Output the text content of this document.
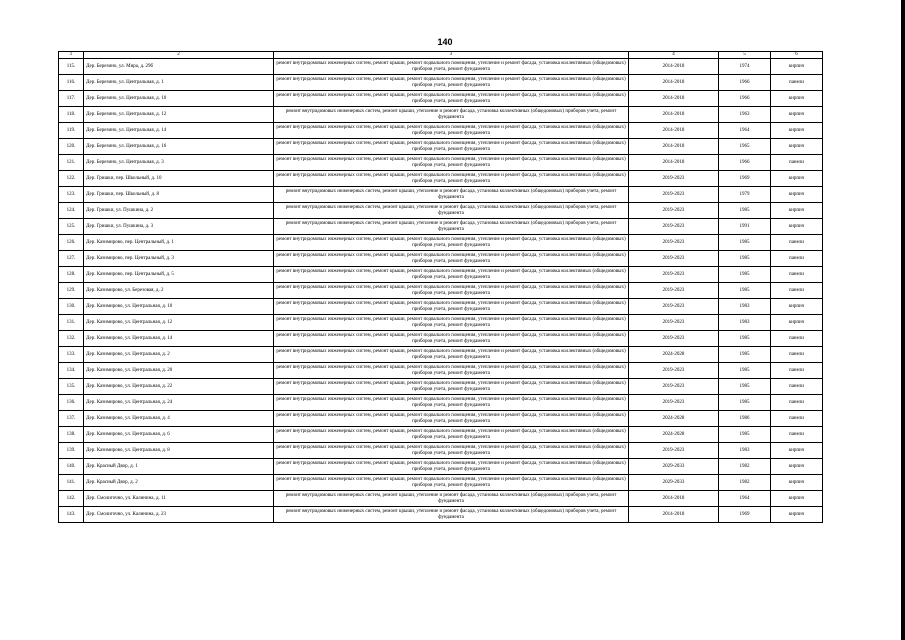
140
1	2	3	4	5	6
115.	Дер. Березино, ул. Мира, д. 29б	ремонт внутридомовых инженерных систем, ремонт крыши, ремонт подвального помещения, утепление и ремонт фасада, установка коллективных (общедомовых) приборов учета, ремонт фундамента	2014-2018	1974	кирпич
116.	Дер. Березино, ул. Центральная, д. 1	ремонт внутридомовых инженерных систем, ремонт крыши, ремонт подвального помещения, утепление и ремонт фасада, установка коллективных (общедомовых) приборов учета, ремонт фундамента	2014-2018	1966	панели
117.	Дер. Березино, ул. Центральная, д. 10	ремонт внутридомовых инженерных систем, ремонт крыши, ремонт подвального помещения, утепление и ремонт фасада, установка коллективных (общедомовых) приборов учета, ремонт фундамента	2014-2018	1966	кирпич
118.	Дер. Березино, ул. Центральная, д. 12	ремонт внутридомовых инженерных систем, ремонт крыши, утепление и ремонт фасада, установка коллективных (общедомовых) приборов учета, ремонт фундамента	2014-2018	1963	кирпич
119.	Дер. Березино, ул. Центральная, д. 14	ремонт внутридомовых инженерных систем, ремонт крыши, ремонт подвального помещения, утепление и ремонт фасада, установка коллективных (общедомовых) приборов учета, ремонт фундамента	2014-2018	1964	кирпич
120.	Дер. Березино, ул. Центральная, д. 16	ремонт внутридомовых инженерных систем, ремонт крыши, ремонт подвального помещения, утепление и ремонт фасада, установка коллективных (общедомовых) приборов учета, ремонт фундамента	2014-2018	1965	кирпич
121.	Дер. Березино, ул. Центральная, д. 3	ремонт внутридомовых инженерных систем, ремонт крыши, ремонт подвального помещения, утепление и ремонт фасада, установка коллективных (общедомовых) приборов учета, ремонт фундамента	2014-2018	1966	панели
122.	Дер. Гришки, пер. Школьный, д. 10	ремонт внутридомовых инженерных систем, ремонт крыши, ремонт подвального помещения, утепление и ремонт фасада, установка коллективных (общедомовых) приборов учета, ремонт фундамента	2019-2023	1969	кирпич
123.	Дер. Гришки, пер. Школьный, д. 8	ремонт внутридомовых инженерных систем, ремонт крыши, утепление и ремонт фасада, установка коллективных (общедомовых) приборов учета, ремонт фундамента	2019-2023	1979	кирпич
124.	Дер. Гришки, ул. Пушкина, д. 2	ремонт внутридомовых инженерных систем, ремонт крыши, утепление и ремонт фасада, установка коллективных (общедомовых) приборов учета, ремонт фундамента	2019-2023	1985	кирпич
125.	Дер. Гришки, ул. Пушкина, д. 3	ремонт внутридомовых инженерных систем, ремонт крыши, утепление и ремонт фасада, установка коллективных (общедомовых) приборов учета, ремонт фундамента	2019-2023	1991	кирпич
126.	Дер. Казимирово, пер. Центральный, д. 1	ремонт внутридомовых инженерных систем, ремонт крыши, ремонт подвального помещения, утепление и ремонт фасада, установка коллективных (общедомовых) приборов учета, ремонт фундамента	2019-2023	1985	панели
127.	Дер. Казимирово, пер. Центральный, д. 3	ремонт внутридомовых инженерных систем, ремонт крыши, ремонт подвального помещения, утепление и ремонт фасада, установка коллективных (общедомовых) приборов учета, ремонт фундамента	2019-2023	1985	панели
128.	Дер. Казимирово, пер. Центральный, д. 5	ремонт внутридомовых инженерных систем, ремонт крыши, ремонт подвального помещения, утепление и ремонт фасада, установка коллективных (общедомовых) приборов учета, ремонт фундамента	2019-2023	1985	панели
129.	Дер. Казимирово, ул. Березовая, д. 2	ремонт внутридомовых инженерных систем, ремонт крыши, ремонт подвального помещения, утепление и ремонт фасада, установка коллективных (общедомовых) приборов учета, ремонт фундамента	2019-2023	1985	панели
130.	Дер. Казимирово, ул. Центральная, д. 10	ремонт внутридомовых инженерных систем, ремонт крыши, ремонт подвального помещения, утепление и ремонт фасада, установка коллективных (общедомовых) приборов учета, ремонт фундамента	2019-2023	1983	кирпич
131.	Дер. Казимирово, ул. Центральная, д. 12	ремонт внутридомовых инженерных систем, ремонт крыши, ремонт подвального помещения, утепление и ремонт фасада, установка коллективных (общедомовых) приборов учета, ремонт фундамента	2019-2023	1983	кирпич
132.	Дер. Казимирово, ул. Центральная, д. 14	ремонт внутридомовых инженерных систем, ремонт крыши, ремонт подвального помещения, утепление и ремонт фасада, установка коллективных (общедомовых) приборов учета, ремонт фундамента	2019-2023	1985	панели
133.	Дер. Казимирово, ул. Центральная, д. 2	ремонт внутридомовых инженерных систем, ремонт крыши, ремонт подвального помещения, утепление и ремонт фасада, установка коллективных (общедомовых) приборов учета, ремонт фундамента	2024-2028	1985	панели
134.	Дер. Казимирово, ул. Центральная, д. 20	ремонт внутридомовых инженерных систем, ремонт крыши, ремонт подвального помещения, утепление и ремонт фасада, установка коллективных (общедомовых) приборов учета, ремонт фундамента	2019-2023	1985	панели
135.	Дер. Казимирово, ул. Центральная, д. 22	ремонт внутридомовых инженерных систем, ремонт крыши, ремонт подвального помещения, утепление и ремонт фасада, установка коллективных (общедомовых) приборов учета, ремонт фундамента	2019-2023	1985	панели
136.	Дер. Казимирово, ул. Центральная, д. 24	ремонт внутридомовых инженерных систем, ремонт крыши, ремонт подвального помещения, утепление и ремонт фасада, установка коллективных (общедомовых) приборов учета, ремонт фундамента	2019-2023	1985	панели
137.	Дер. Казимирово, ул. Центральная, д. 4	ремонт внутридомовых инженерных систем, ремонт крыши, ремонт подвального помещения, утепление и ремонт фасада, установка коллективных (общедомовых) приборов учета, ремонт фундамента	2024-2028	1986	панели
138.	Дер. Казимирово, ул. Центральная, д. 6	ремонт внутридомовых инженерных систем, ремонт крыши, ремонт подвального помещения, утепление и ремонт фасада, установка коллективных (общедомовых) приборов учета, ремонт фундамента	2024-2028	1985	панели
139.	Дер. Казимирово, ул. Центральная, д. 8	ремонт внутридомовых инженерных систем, ремонт крыши, ремонт подвального помещения, утепление и ремонт фасада, установка коллективных (общедомовых) приборов учета, ремонт фундамента	2019-2023	1983	кирпич
140.	Дер. Красный Двор, д. 1	ремонт внутридомовых инженерных систем, ремонт крыши, ремонт подвального помещения, утепление и ремонт фасада, установка коллективных (общедомовых) приборов учета, ремонт фундамента	2029-2033	1982	кирпич
141.	Дер. Красный Двор, д. 2	ремонт внутридомовых инженерных систем, ремонт крыши, ремонт подвального помещения, утепление и ремонт фасада, установка коллективных (общедомовых) приборов учета, ремонт фундамента	2029-2033	1982	кирпич
142.	Дер. Смолигочно, ул. Калинина, д. 11	ремонт внутридомовых инженерных систем, ремонт крыши, утепление и ремонт фасада, установка коллективных (общедомовых) приборов учета, ремонт фундамента	2014-2018	1964	кирпич
143.	Дер. Смолигочно, ул. Калинина, д. 23	ремонт внутридомовых инженерных систем, ремонт крыши, утепление и ремонт фасада, установка коллективных (общедомовых) приборов учета, ремонт фундамента	2014-2018	1969	кирпич
